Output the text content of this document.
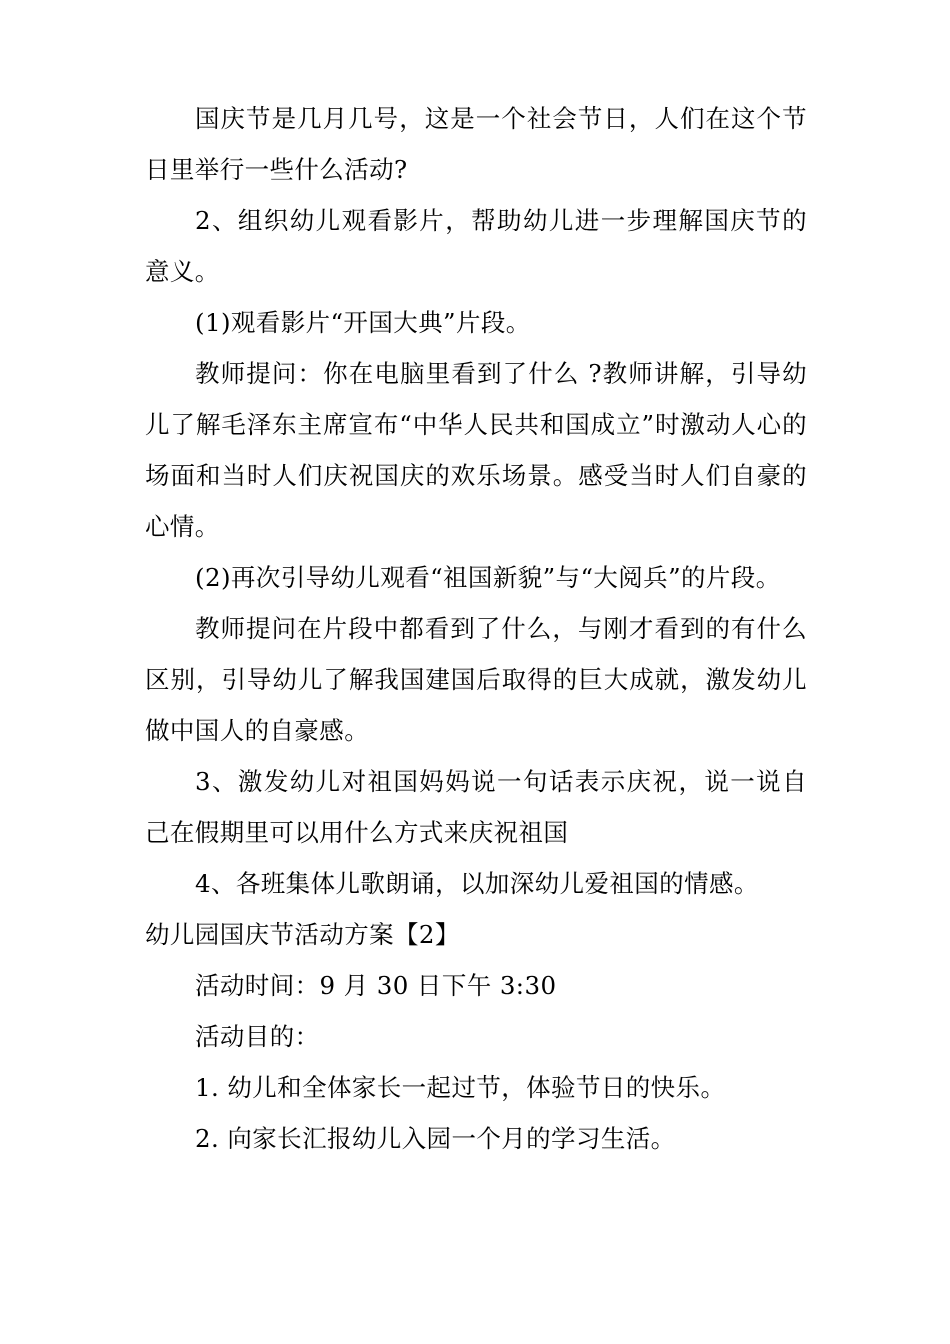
国庆节是几月几号，这是一个社会节日，人们在这个节日里举行一些什么活动?

2、组织幼儿观看影片，帮助幼儿进一步理解国庆节的意义。

(1)观看影片“开国大典”片段。

教师提问：你在电脑里看到了什么 ?教师讲解，引导幼儿了解毛泽东主席宣布“中华人民共和国成立”时激动人心的场面和当时人们庆祝国庆的欢乐场景。感受当时人们自豪的心情。

(2)再次引导幼儿观看“祖国新貌”与“大阅兵”的片段。

教师提问在片段中都看到了什么，与刚才看到的有什么区别，引导幼儿了解我国建国后取得的巨大成就，激发幼儿做中国人的自豪感。

3、激发幼儿对祖国妈妈说一句话表示庆祝，说一说自己在假期里可以用什么方式来庆祝祖国

4、各班集体儿歌朗诵，以加深幼儿爱祖国的情感。

幼儿园国庆节活动方案【2】

活动时间：9 月 30 日下午 3:30

活动目的：

1. 幼儿和全体家长一起过节，体验节日的快乐。

2. 向家长汇报幼儿入园一个月的学习生活。
